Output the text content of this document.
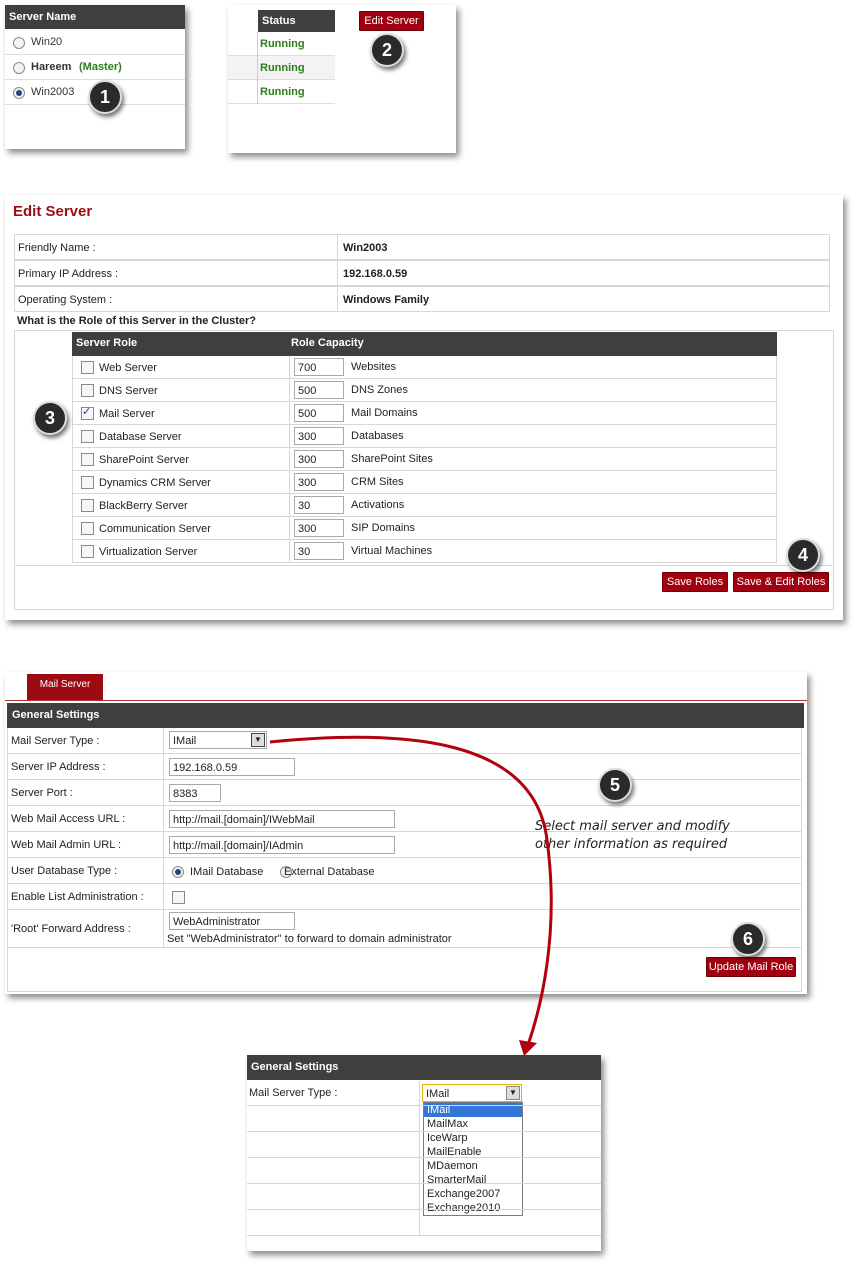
Server Name
Win20
Hareem (Master)
Win2003
Status	Edit Server
Running
Running
Running
1
2
Edit Server
What is the Role of this Server in the Cluster?
Server Role	Role Capacity
Save Roles	Save & Edit Roles
Friendly Name :	Win2003
Primary IP Address :	192.168.0.59
Operating System :	Windows Family
Web Server	700	Websites
DNS Server	500	DNS Zones
✓
Mail Server	500	Mail Domains
Database Server	300	Databases
SharePoint Server	300	SharePoint Sites
Dynamics CRM Server	300	CRM Sites
BlackBerry Server	30	Activations
Communication Server	300	SIP Domains
Virtualization Server	30	Virtual Machines
3
4
Mail Server
General Settings
Update Mail Role
Mail Server Type :	IMail	▼
Server IP Address :	192.168.0.59
Server Port :	8383
Web Mail Access URL :	http://mail.[domain]/IWebMail
Web Mail Admin URL :	http://mail.[domain]/IAdmin
User Database Type :	IMail Database External Database
Enable List Administration :
'Root' Forward Address :
WebAdministrator
Set "WebAdministrator" to forward to domain administrator
5
6
Select mail server and modify
other information as required
General Settings
Mail Server Type :	IMail	▼
IMail
MailMax
IceWarp
MailEnable
MDaemon
SmarterMail
Exchange2007
Exchange2010
